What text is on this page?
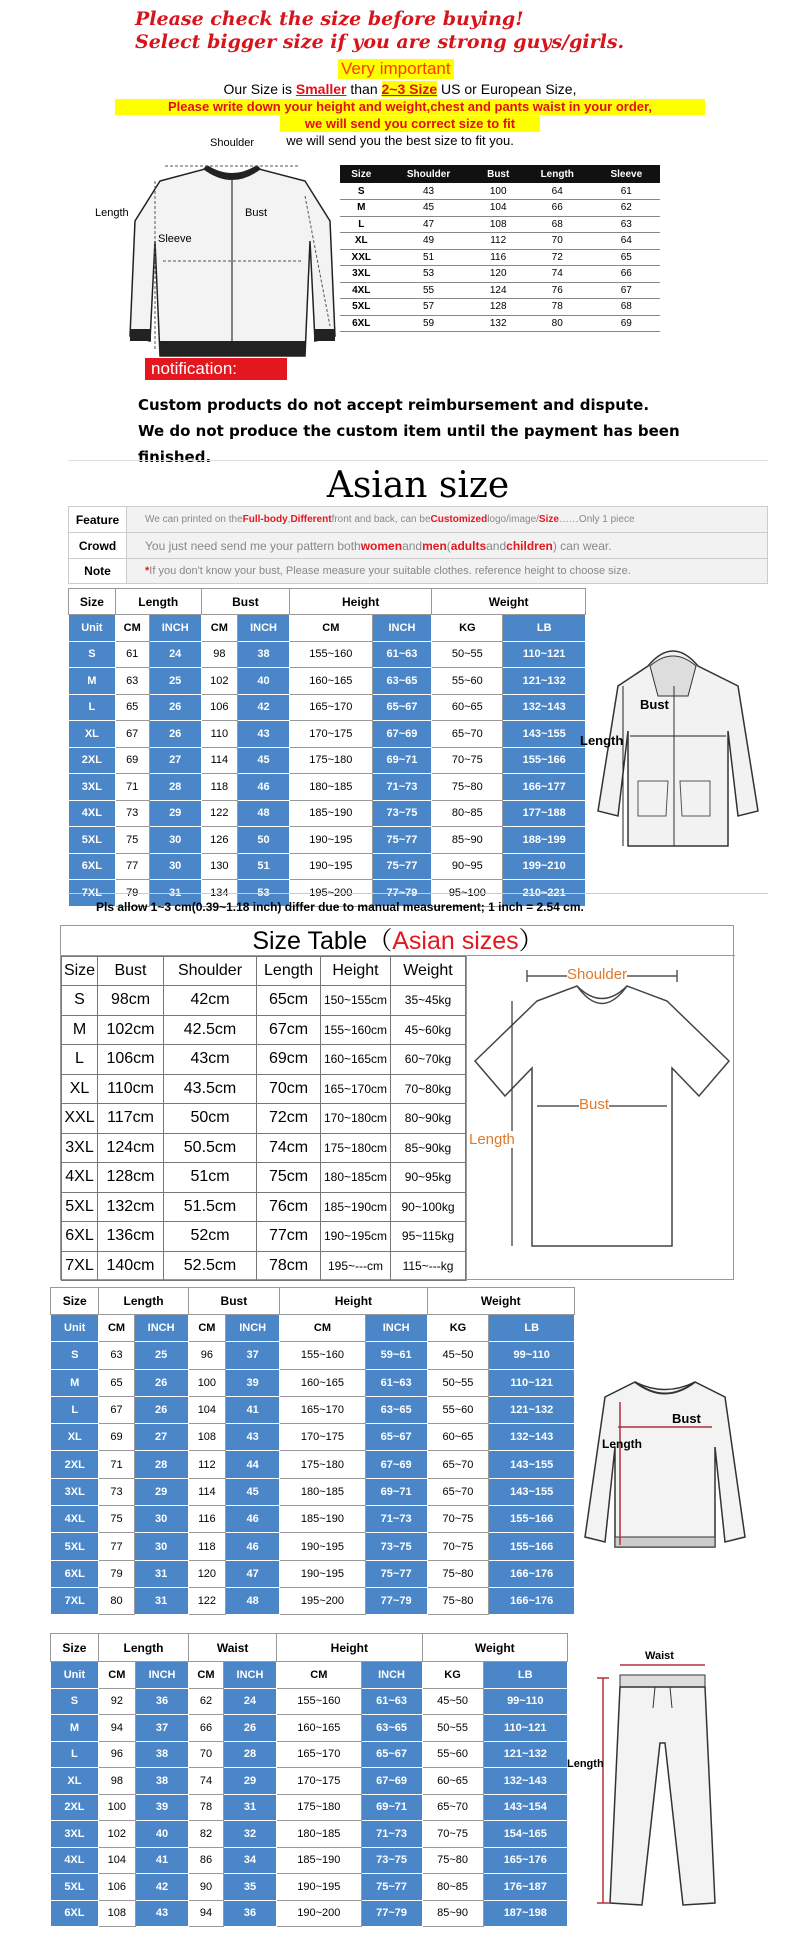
Please check the size before buying!
Select bigger size if you are strong guys/girls.
Very important
Our Size is Smaller than 2~3 Size US or European Size,
Please write down your height and weight,chest and pants waist in your order,
we will send you correct size to fit
we will send you the best size to fit you.
Shoulder
Length	Bust
Sleeve
notification:
Size	Shoulder	Bust	Length	Sleeve
S	43	100	64	61
M	45	104	66	62
L	47	108	68	63
XL	49	112	70	64
XXL	51	116	72	65
3XL	53	120	74	66
4XL	55	124	76	67
5XL	57	128	78	68
6XL	59	132	80	69
Custom products do not accept reimbursement and dispute.
We do not produce the custom item until the payment has been finished.
Asian size
Feature	We can printed on the Full-body , Different front and back, can be Customized logo/image/ Size ……Only 1 piece
Crowd	You just need send me your pattern both women and men ( adults and children ) can wear.
Note	* If you don't know your bust, Please measure your suitable clothes. reference height to choose size.
Size	Length		Bust		Height		Weight	
Unit	CM	INCH	CM	INCH	CM	INCH	KG	LB
S	61	24	98	38	155~160	61~63	50~55	110~121
M	63	25	102	40	160~165	63~65	55~60	121~132
L	65	26	106	42	165~170	65~67	60~65	132~143
XL	67	26	110	43	170~175	67~69	65~70	143~155
2XL	69	27	114	45	175~180	69~71	70~75	155~166
3XL	71	28	118	46	180~185	71~73	75~80	166~177
4XL	73	29	122	48	185~190	73~75	80~85	177~188
5XL	75	30	126	50	190~195	75~77	85~90	188~199
6XL	77	30	130	51	190~195	75~77	90~95	199~210
7XL	79	31	134	53	195~200	77~79	95~100	210~221
Bust
Length
Pls allow 1~3 cm(0.39~1.18 inch) differ due to manual measurement; 1 inch = 2.54 cm.
Size Table（Asian sizes）
Size	Bust	Shoulder	Length	Height	Weight
S	98cm	42cm	65cm	150~155cm	35~45kg
M	102cm	42.5cm	67cm	155~160cm	45~60kg
L	106cm	43cm	69cm	160~165cm	60~70kg
XL	110cm	43.5cm	70cm	165~170cm	70~80kg
XXL	117cm	50cm	72cm	170~180cm	80~90kg
3XL	124cm	50.5cm	74cm	175~180cm	85~90kg
4XL	128cm	51cm	75cm	180~185cm	90~95kg
5XL	132cm	51.5cm	76cm	185~190cm	90~100kg
6XL	136cm	52cm	77cm	190~195cm	95~115kg
7XL	140cm	52.5cm	78cm	195~---cm	115~---kg
Shoulder
Bust
Length
Size	Length		Bust		Height		Weight	
Unit	CM	INCH	CM	INCH	CM	INCH	KG	LB
S	63	25	96	37	155~160	59~61	45~50	99~110
M	65	26	100	39	160~165	61~63	50~55	110~121
L	67	26	104	41	165~170	63~65	55~60	121~132
XL	69	27	108	43	170~175	65~67	60~65	132~143
2XL	71	28	112	44	175~180	67~69	65~70	143~155
3XL	73	29	114	45	180~185	69~71	65~70	143~155
4XL	75	30	116	46	185~190	71~73	70~75	155~166
5XL	77	30	118	46	190~195	73~75	70~75	155~166
6XL	79	31	120	47	190~195	75~77	75~80	166~176
7XL	80	31	122	48	195~200	77~79	75~80	166~176
Bust
Length
Size	Length		Waist		Height		Weight	
Unit	CM	INCH	CM	INCH	CM	INCH	KG	LB
S	92	36	62	24	155~160	61~63	45~50	99~110
M	94	37	66	26	160~165	63~65	50~55	110~121
L	96	38	70	28	165~170	65~67	55~60	121~132
XL	98	38	74	29	170~175	67~69	60~65	132~143
2XL	100	39	78	31	175~180	69~71	65~70	143~154
3XL	102	40	82	32	180~185	71~73	70~75	154~165
4XL	104	41	86	34	185~190	73~75	75~80	165~176
5XL	106	42	90	35	190~195	75~77	80~85	176~187
6XL	108	43	94	36	190~200	77~79	85~90	187~198
Waist
Length
